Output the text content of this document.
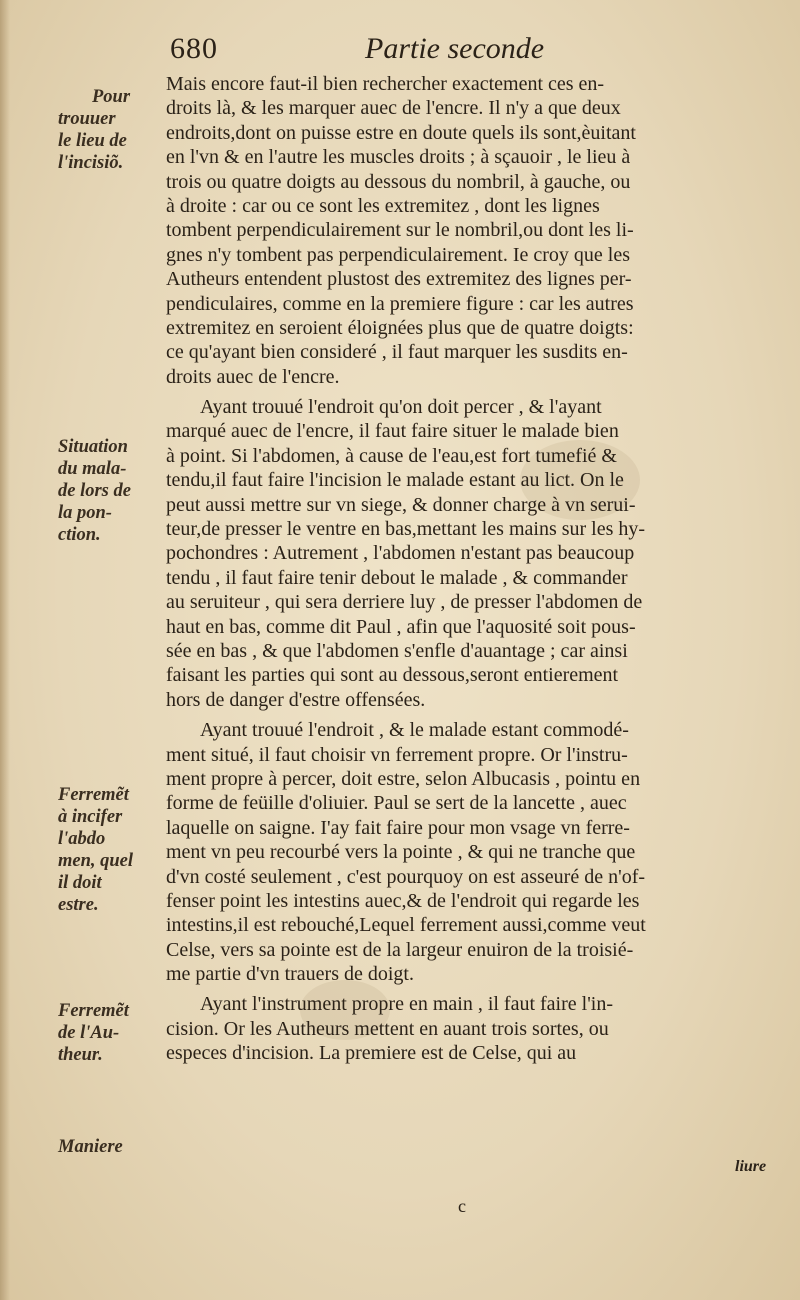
680	Partie seconde
Pour
trouuer
le lieu de
l'incisiõ.
Situation
du mala-
de lors de
la pon-
ction.
Ferremẽt
à incifer
l'abdo
men, quel
il doit
estre.
Ferremẽt
de l'Au-
theur.
Maniere
Mais encore faut-il bien rechercher exactement ces en-
droits là, & les marquer auec de l'encre. Il n'y a que deux
endroits,dont on puisse estre en doute quels ils sont,èuitant
en l'vn & en l'autre les muscles droits ; à sçauoir , le lieu à
trois ou quatre doigts au dessous du nombril, à gauche, ou
à droite : car ou ce sont les extremitez , dont les lignes
tombent perpendiculairement sur le nombril,ou dont les li-
gnes n'y tombent pas perpendiculairement. Ie croy que les
Autheurs entendent plustost des extremitez des lignes per-
pendiculaires, comme en la premiere figure : car les autres
extremitez en seroient éloignées plus que de quatre doigts:
ce qu'ayant bien consideré , il faut marquer les susdits en-
droits auec de l'encre.
Ayant trouué l'endroit qu'on doit percer , & l'ayant
marqué auec de l'encre, il faut faire situer le malade bien
à point. Si l'abdomen, à cause de l'eau,est fort tumefié &
tendu,il faut faire l'incision le malade estant au lict. On le
peut aussi mettre sur vn siege, & donner charge à vn serui-
teur,de presser le ventre en bas,mettant les mains sur les hy-
pochondres : Autrement , l'abdomen n'estant pas beaucoup
tendu , il faut faire tenir debout le malade , & commander
au seruiteur , qui sera derriere luy , de presser l'abdomen de
haut en bas, comme dit Paul , afin que l'aquosité soit pous-
sée en bas , & que l'abdomen s'enfle d'auantage ; car ainsi
faisant les parties qui sont au dessous,seront entierement
hors de danger d'estre offensées.
Ayant trouué l'endroit , & le malade estant commodé-
ment situé, il faut choisir vn ferrement propre. Or l'instru-
ment propre à percer, doit estre, selon Albucasis , pointu en
forme de feüille d'oliuier. Paul se sert de la lancette , auec
laquelle on saigne. I'ay fait faire pour mon vsage vn ferre-
ment vn peu recourbé vers la pointe , & qui ne tranche que
d'vn costé seulement , c'est pourquoy on est asseuré de n'of-
fenser point les intestins auec,& de l'endroit qui regarde les
intestins,il est rebouché,Lequel ferrement aussi,comme veut
Celse, vers sa pointe est de la largeur enuiron de la troisié-
me partie d'vn trauers de doigt.
Ayant l'instrument propre en main , il faut faire l'in-
cision. Or les Autheurs mettent en auant trois sortes, ou
especes d'incision. La premiere est de Celse, qui au
liure
c
